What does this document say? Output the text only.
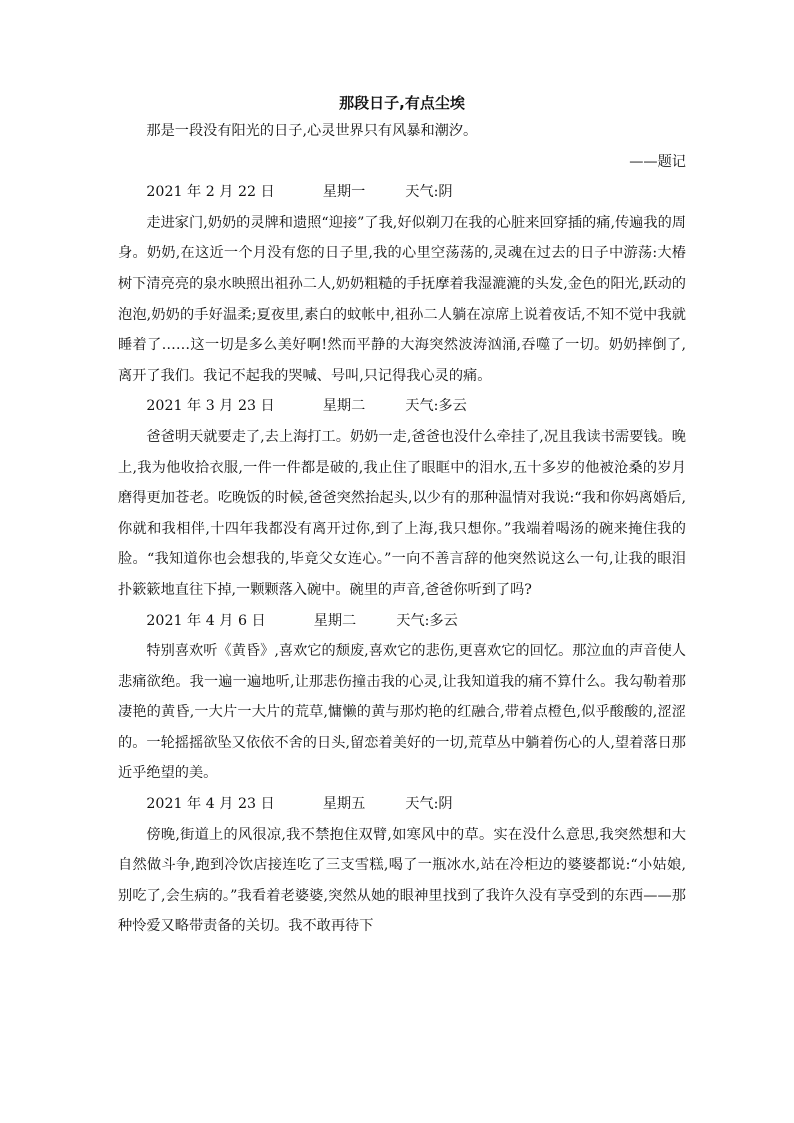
那段日子,有点尘埃

那是一段没有阳光的日子,心灵世界只有风暴和潮汐。

——题记

2021 年 2 月 22 日	星期一	天气:阴

走进家门,奶奶的灵牌和遗照“迎接”了我,好似剃刀在我的心脏来回穿插的痛,传遍我的周身。奶奶,在这近一个月没有您的日子里,我的心里空荡荡的,灵魂在过去的日子中游荡:大椿树下清亮亮的泉水映照出祖孙二人,奶奶粗糙的手抚摩着我湿漉漉的头发,金色的阳光,跃动的泡泡,奶奶的手好温柔;夏夜里,素白的蚊帐中,祖孙二人躺在凉席上说着夜话,不知不觉中我就睡着了……这一切是多么美好啊!然而平静的大海突然波涛汹涌,吞噬了一切。奶奶摔倒了,离开了我们。我记不起我的哭喊、号叫,只记得我心灵的痛。

2021 年 3 月 23 日	星期二	天气:多云

爸爸明天就要走了,去上海打工。奶奶一走,爸爸也没什么牵挂了,况且我读书需要钱。晚上,我为他收拾衣服,一件一件都是破的,我止住了眼眶中的泪水,五十多岁的他被沧桑的岁月磨得更加苍老。吃晚饭的时候,爸爸突然抬起头,以少有的那种温情对我说:“我和你妈离婚后,你就和我相伴,十四年我都没有离开过你,到了上海,我只想你。”我端着喝汤的碗来掩住我的脸。“我知道你也会想我的,毕竟父女连心。”一向不善言辞的他突然说这么一句,让我的眼泪扑簌簌地直往下掉,一颗颗落入碗中。碗里的声音,爸爸你听到了吗?

2021 年 4 月 6 日	星期二	天气:多云

特别喜欢听《黄昏》,喜欢它的颓废,喜欢它的悲伤,更喜欢它的回忆。那泣血的声音使人悲痛欲绝。我一遍一遍地听,让那悲伤撞击我的心灵,让我知道我的痛不算什么。我勾勒着那凄艳的黄昏,一大片一大片的荒草,慵懒的黄与那灼艳的红融合,带着点橙色,似乎酸酸的,涩涩的。一轮摇摇欲坠又依依不舍的日头,留恋着美好的一切,荒草丛中躺着伤心的人,望着落日那近乎绝望的美。

2021 年 4 月 23 日	星期五	天气:阴

傍晚,街道上的风很凉,我不禁抱住双臂,如寒风中的草。实在没什么意思,我突然想和大自然做斗争,跑到冷饮店接连吃了三支雪糕,喝了一瓶冰水,站在冷柜边的婆婆都说:“小姑娘,别吃了,会生病的。”我看着老婆婆,突然从她的眼神里找到了我许久没有享受到的东西——那种怜爱又略带责备的关切。我不敢再待下
